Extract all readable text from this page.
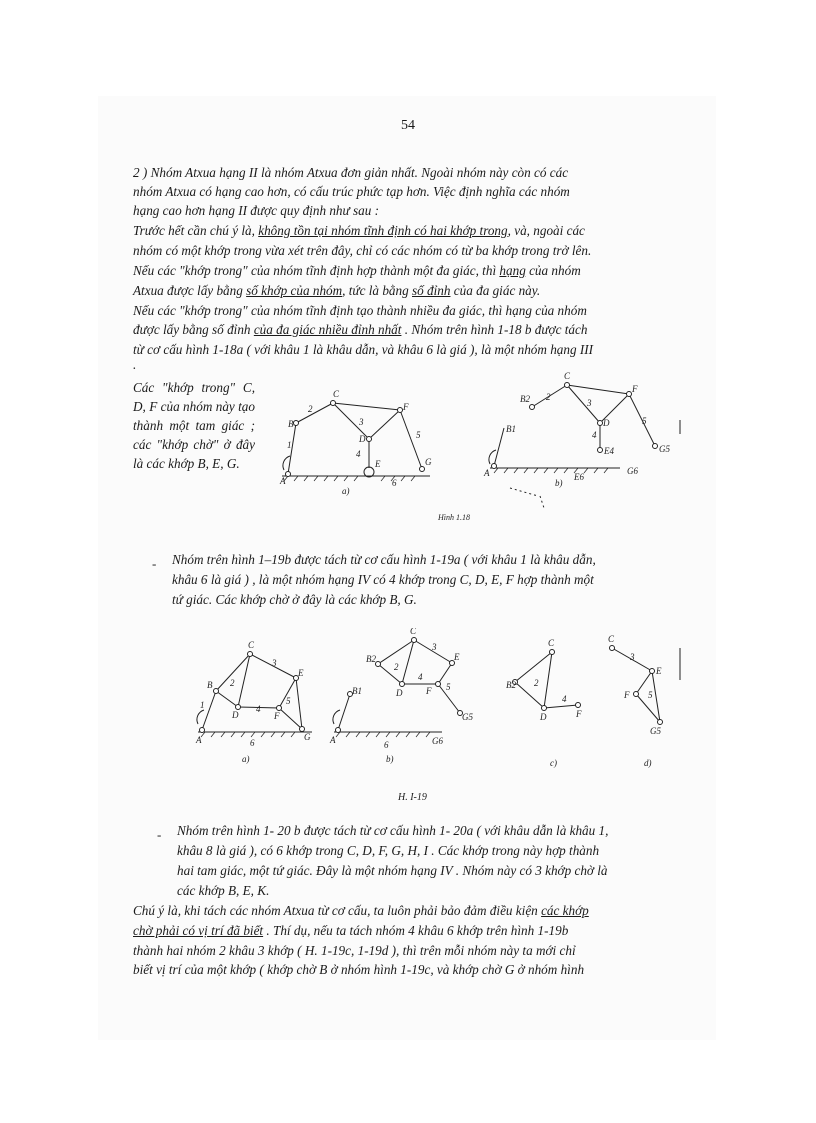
54

2 ) Nhóm Atxua hạng II là nhóm Atxua đơn giản nhất. Ngoài nhóm này còn có các

nhóm Atxua có hạng cao hơn, có cấu trúc phức tạp hơn. Việc định nghĩa các nhóm

hạng cao hơn hạng II được quy định như sau :

Trước hết cần chú ý là, không tồn tại nhóm tĩnh định có hai khớp trong, và, ngoài các

nhóm có một khớp trong vừa xét trên đây, chỉ có các nhóm có từ ba khớp trong trở lên.

Nếu các "khớp trong" của nhóm tĩnh định hợp thành một đa giác, thì hạng của nhóm

Atxua được lấy bằng số khớp của nhóm, tức là bằng số đỉnh của đa giác này.

Nếu các "khớp trong" của nhóm tĩnh định tạo thành nhiều đa giác, thì hạng của nhóm

được lấy bằng số đỉnh của đa giác nhiều đỉnh nhất . Nhóm trên hình 1-18 b được tách

từ cơ cấu hình 1-18a ( với khâu 1 là khâu dẫn, và khâu 6 là giá ), là một nhóm hạng III

.

Các "khớp trong" C, D, F của nhóm này tạo thành một tam giác ; các "khớp chờ" ở đây là các khớp B, E, G.

A
B
C
D
E
F
G
1
2
3
4
5
6
a)
C
B2 2
3
D
4
E4
F
5
G5
B1
A	E6
G6
b)
Hình 1.18
- Nhóm trên hình 1–19b được tách từ cơ cấu hình 1-19a ( với khâu 1 là khâu dẫn,

khâu 6 là giá ) , là một nhóm hạng IV có 4 khớp trong C, D, E, F hợp thành một

tứ giác. Các khớp chờ ở đây là các khớp B, G.

A
B
C
D	F
E
G
1
2
3
4
5
6
a)
A
B1
B2
C
2
3
4
D	F
E
5
G5
6	G6
b)
C
B2 2
D
4
F
c)
C
3
E
F 5
G5
d)
H. I-19
- Nhóm trên hình 1- 20 b được tách từ cơ cấu hình 1- 20a ( với khâu dẫn là khâu 1,

khâu 8 là giá ), có 6 khớp trong C, D, F, G, H, I . Các khớp trong này hợp thành

hai tam giác, một tứ giác. Đây là một nhóm hạng IV . Nhóm này có 3 khớp chờ là

các khớp B, E, K.

Chú ý là, khi tách các nhóm Atxua từ cơ cấu, ta luôn phải bảo đảm điều kiện các khớp

chờ phải có vị trí đã biết . Thí dụ, nếu ta tách nhóm 4 khâu 6 khớp trên hình 1-19b

thành hai nhóm 2 khâu 3 khớp ( H. 1-19c, 1-19d ), thì trên mỗi nhóm này ta mới chỉ

biết vị trí của một khớp ( khớp chờ B ở nhóm hình 1-19c, và khớp chờ G ở nhóm hình
